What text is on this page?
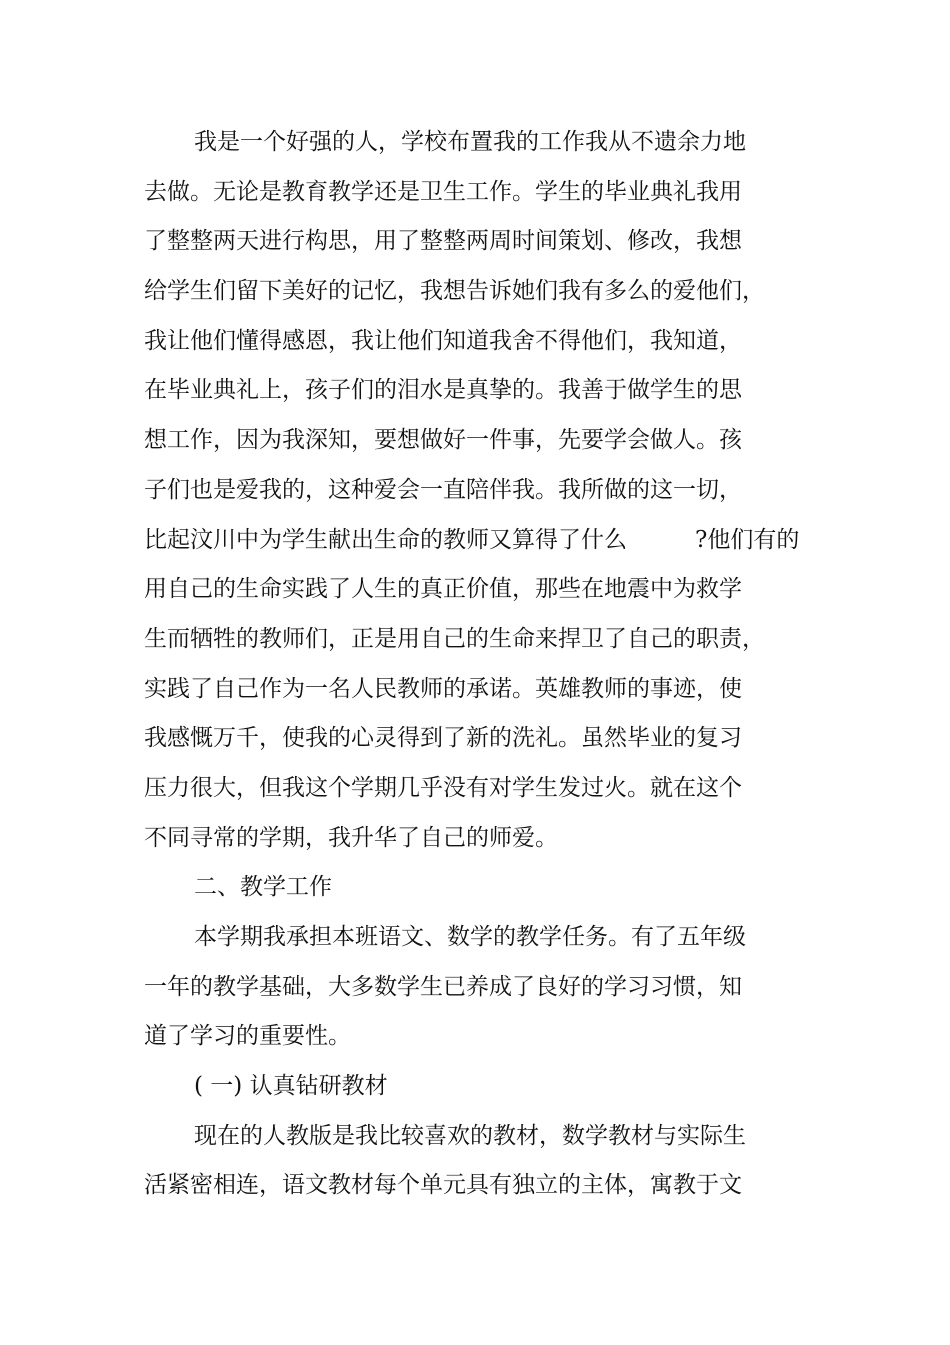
我是一个好强的人，学校布置我的工作我从不遗余力地
去做。无论是教育教学还是卫生工作。学生的毕业典礼我用
了整整两天进行构思，用了整整两周时间策划、修改，我想
给学生们留下美好的记忆，我想告诉她们我有多么的爱他们，
我让他们懂得感恩，我让他们知道我舍不得他们，我知道，
在毕业典礼上，孩子们的泪水是真挚的。我善于做学生的思
想工作，因为我深知，要想做好一件事，先要学会做人。孩
子们也是爱我的，这种爱会一直陪伴我。我所做的这一切，
比起汶川中为学生献出生命的教师又算得了什么	?他们有的
用自己的生命实践了人生的真正价值，那些在地震中为救学
生而牺牲的教师们，正是用自己的生命来捍卫了自己的职责，
实践了自己作为一名人民教师的承诺。英雄教师的事迹，使
我感慨万千，使我的心灵得到了新的洗礼。虽然毕业的复习
压力很大，但我这个学期几乎没有对学生发过火。就在这个
不同寻常的学期，我升华了自己的师爱。
二、教学工作
本学期我承担本班语文、数学的教学任务。有了五年级
一年的教学基础，大多数学生已养成了良好的学习习惯，知
道了学习的重要性。
( 一) 认真钻研教材
现在的人教版是我比较喜欢的教材，数学教材与实际生
活紧密相连，语文教材每个单元具有独立的主体，寓教于文
